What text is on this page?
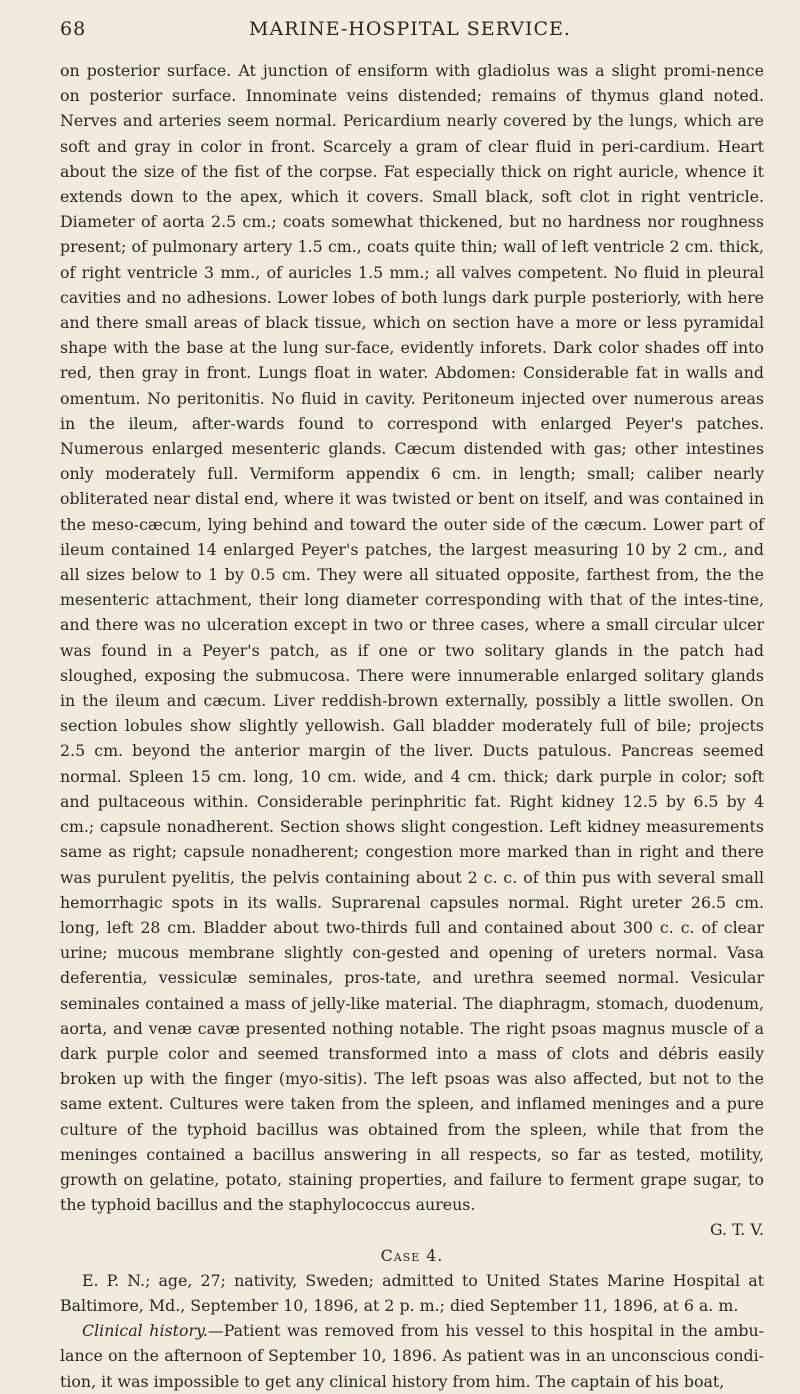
68	MARINE-HOSPITAL SERVICE.

on posterior surface. At junction of ensiform with gladiolus was a slight promi-nence on posterior surface. Innominate veins distended; remains of thymus gland noted. Nerves and arteries seem normal. Pericardium nearly covered by the lungs, which are soft and gray in color in front. Scarcely a gram of clear fluid in peri-cardium. Heart about the size of the fist of the corpse. Fat especially thick on right auricle, whence it extends down to the apex, which it covers. Small black, soft clot in right ventricle. Diameter of aorta 2.5 cm.; coats somewhat thickened, but no hardness nor roughness present; of pulmonary artery 1.5 cm., coats quite thin; wall of left ventricle 2 cm. thick, of right ventricle 3 mm., of auricles 1.5 mm.; all valves competent. No fluid in pleural cavities and no adhesions. Lower lobes of both lungs dark purple posteriorly, with here and there small areas of black tissue, which on section have a more or less pyramidal shape with the base at the lung sur-face, evidently inforets. Dark color shades off into red, then gray in front. Lungs float in water. Abdomen: Considerable fat in walls and omentum. No peritonitis. No fluid in cavity. Peritoneum injected over numerous areas in the ileum, after-wards found to correspond with enlarged Peyer's patches. Numerous enlarged mesenteric glands. Cæcum distended with gas; other intestines only moderately full. Vermiform appendix 6 cm. in length; small; caliber nearly obliterated near distal end, where it was twisted or bent on itself, and was contained in the meso-cæcum, lying behind and toward the outer side of the cæcum. Lower part of ileum contained 14 enlarged Peyer's patches, the largest measuring 10 by 2 cm., and all sizes below to 1 by 0.5 cm. They were all situated opposite, farthest from, the the mesenteric attachment, their long diameter corresponding with that of the intes-tine, and there was no ulceration except in two or three cases, where a small circular ulcer was found in a Peyer's patch, as if one or two solitary glands in the patch had sloughed, exposing the submucosa. There were innumerable enlarged solitary glands in the ileum and cæcum. Liver reddish-brown externally, possibly a little swollen. On section lobules show slightly yellowish. Gall bladder moderately full of bile; projects 2.5 cm. beyond the anterior margin of the liver. Ducts patulous. Pancreas seemed normal. Spleen 15 cm. long, 10 cm. wide, and 4 cm. thick; dark purple in color; soft and pultaceous within. Considerable perinphritic fat. Right kidney 12.5 by 6.5 by 4 cm.; capsule nonadherent. Section shows slight congestion. Left kidney measurements same as right; capsule nonadherent; congestion more marked than in right and there was purulent pyelitis, the pelvis containing about 2 c. c. of thin pus with several small hemorrhagic spots in its walls. Suprarenal capsules normal. Right ureter 26.5 cm. long, left 28 cm. Bladder about two-thirds full and contained about 300 c. c. of clear urine; mucous membrane slightly con-gested and opening of ureters normal. Vasa deferentia, vessiculæ seminales, pros-tate, and urethra seemed normal. Vesicular seminales contained a mass of jelly-like material. The diaphragm, stomach, duodenum, aorta, and venæ cavæ presented nothing notable. The right psoas magnus muscle of a dark purple color and seemed transformed into a mass of clots and débris easily broken up with the finger (myo-sitis). The left psoas was also affected, but not to the same extent. Cultures were taken from the spleen, and inflamed meninges and a pure culture of the typhoid bacillus was obtained from the spleen, while that from the meninges contained a bacillus answering in all respects, so far as tested, motility, growth on gelatine, potato, staining properties, and failure to ferment grape sugar, to the typhoid bacillus and the staphylococcus aureus.

G. T. V.

Case 4.

E. P. N.; age, 27; nativity, Sweden; admitted to United States Marine Hospital at Baltimore, Md., September 10, 1896, at 2 p. m.; died September 11, 1896, at 6 a. m.

Clinical history.—Patient was removed from his vessel to this hospital in the ambu-lance on the afternoon of September 10, 1896. As patient was in an unconscious condi-tion, it was impossible to get any clinical history from him. The captain of his boat,
